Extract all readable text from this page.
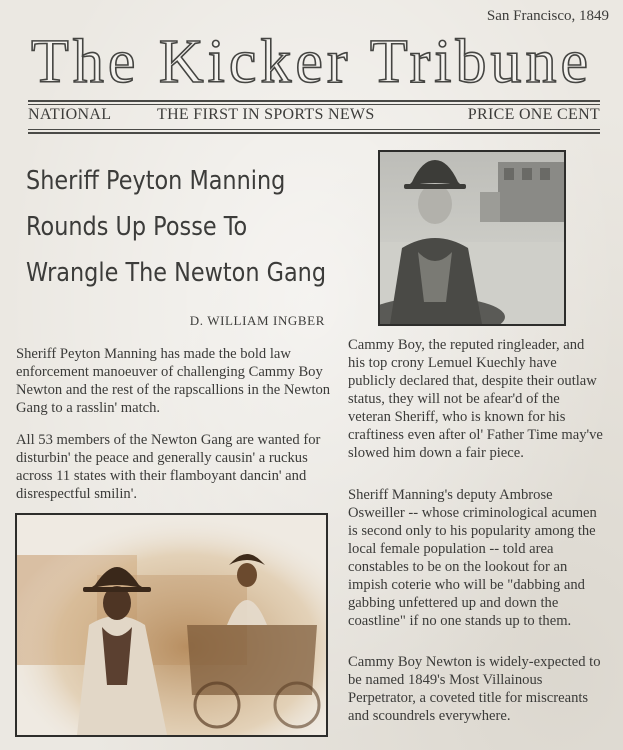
San Francisco, 1849
The Kicker Tribune
NATIONAL	THE FIRST IN SPORTS NEWS	PRICE ONE CENT
Sheriff Peyton Manning
Rounds Up Posse To
Wrangle The Newton Gang
D. WILLIAM INGBER

Sheriff Peyton Manning has made the bold law enforcement manoeuver of challenging Cammy Boy Newton and the rest of the rapscallions in the Newton Gang to a rasslin' match.

All 53 members of the Newton Gang are wanted for disturbin' the peace and generally causin' a ruckus across 11 states with their flamboyant dancin' and disrespectful smilin'.

Cammy Boy, the reputed ringleader, and his top crony Lemuel Kuechly have publicly declared that, despite their outlaw status, they will not be afear'd of the veteran Sheriff, who is known for his craftiness even after ol' Father Time may've slowed him down a fair piece.

Sheriff Manning's deputy Ambrose Osweiller -- whose criminological acumen is second only to his popularity among the local female population -- told area constables to be on the lookout for an impish coterie who will be "dabbing and gabbing unfettered up and down the coastline" if no one stands up to them.

Cammy Boy Newton is widely-expected to be named 1849's Most Villainous Perpetrator, a coveted title for miscreants and scoundrels everywhere.
